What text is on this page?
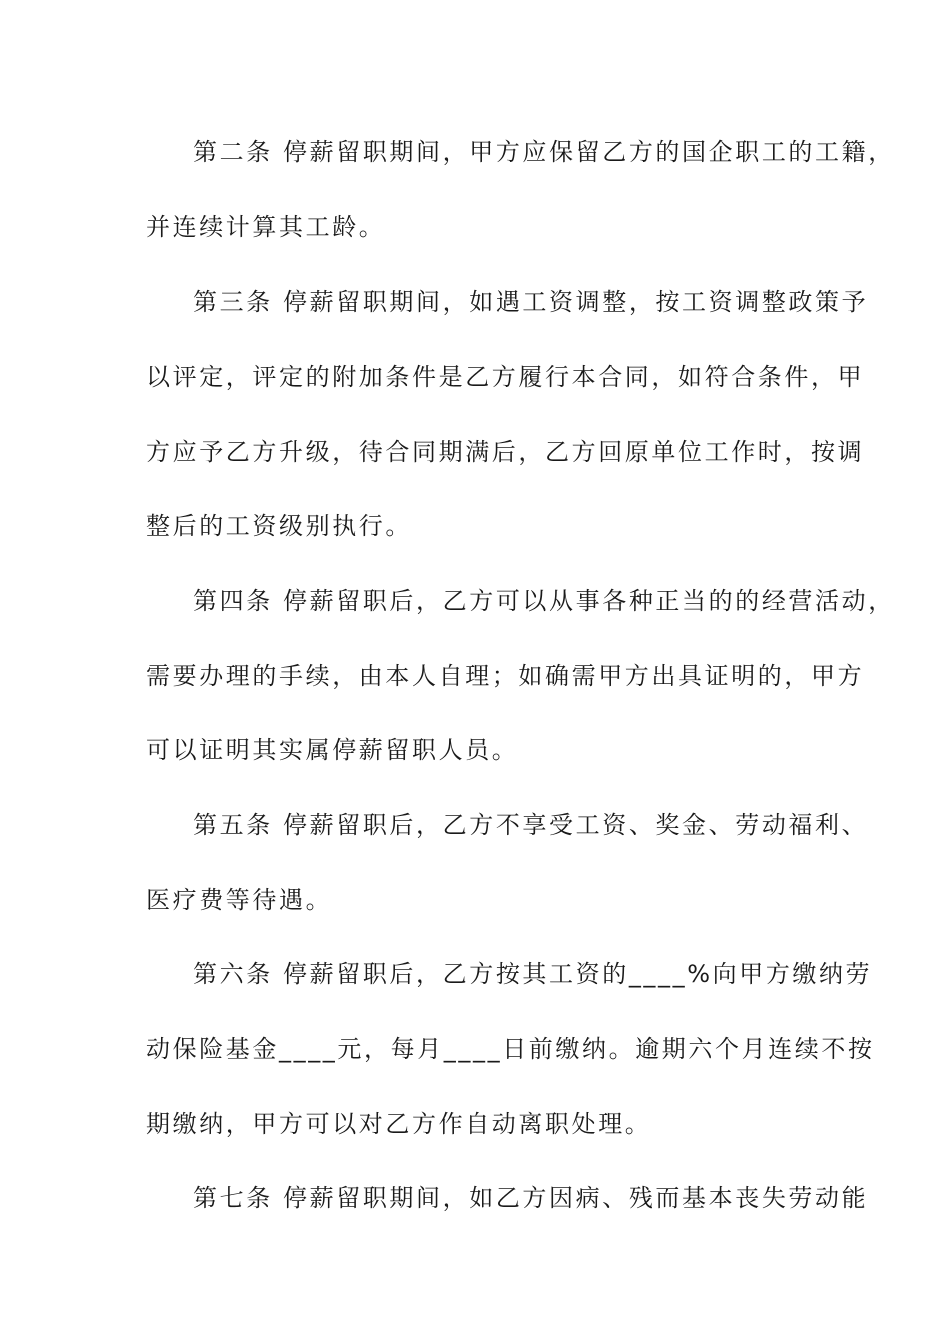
第二条 停薪留职期间，甲方应保留乙方的国企职工的工籍，
并连续计算其工龄。
第三条 停薪留职期间，如遇工资调整，按工资调整政策予
以评定，评定的附加条件是乙方履行本合同，如符合条件，甲
方应予乙方升级，待合同期满后，乙方回原单位工作时，按调
整后的工资级别执行。
第四条 停薪留职后，乙方可以从事各种正当的的经营活动，
需要办理的手续，由本人自理；如确需甲方出具证明的，甲方
可以证明其实属停薪留职人员。
第五条 停薪留职后，乙方不享受工资、奖金、劳动福利、
医疗费等待遇。
第六条 停薪留职后，乙方按其工资的____%向甲方缴纳劳
动保险基金____元，每月____日前缴纳。逾期六个月连续不按
期缴纳，甲方可以对乙方作自动离职处理。
第七条 停薪留职期间，如乙方因病、残而基本丧失劳动能
